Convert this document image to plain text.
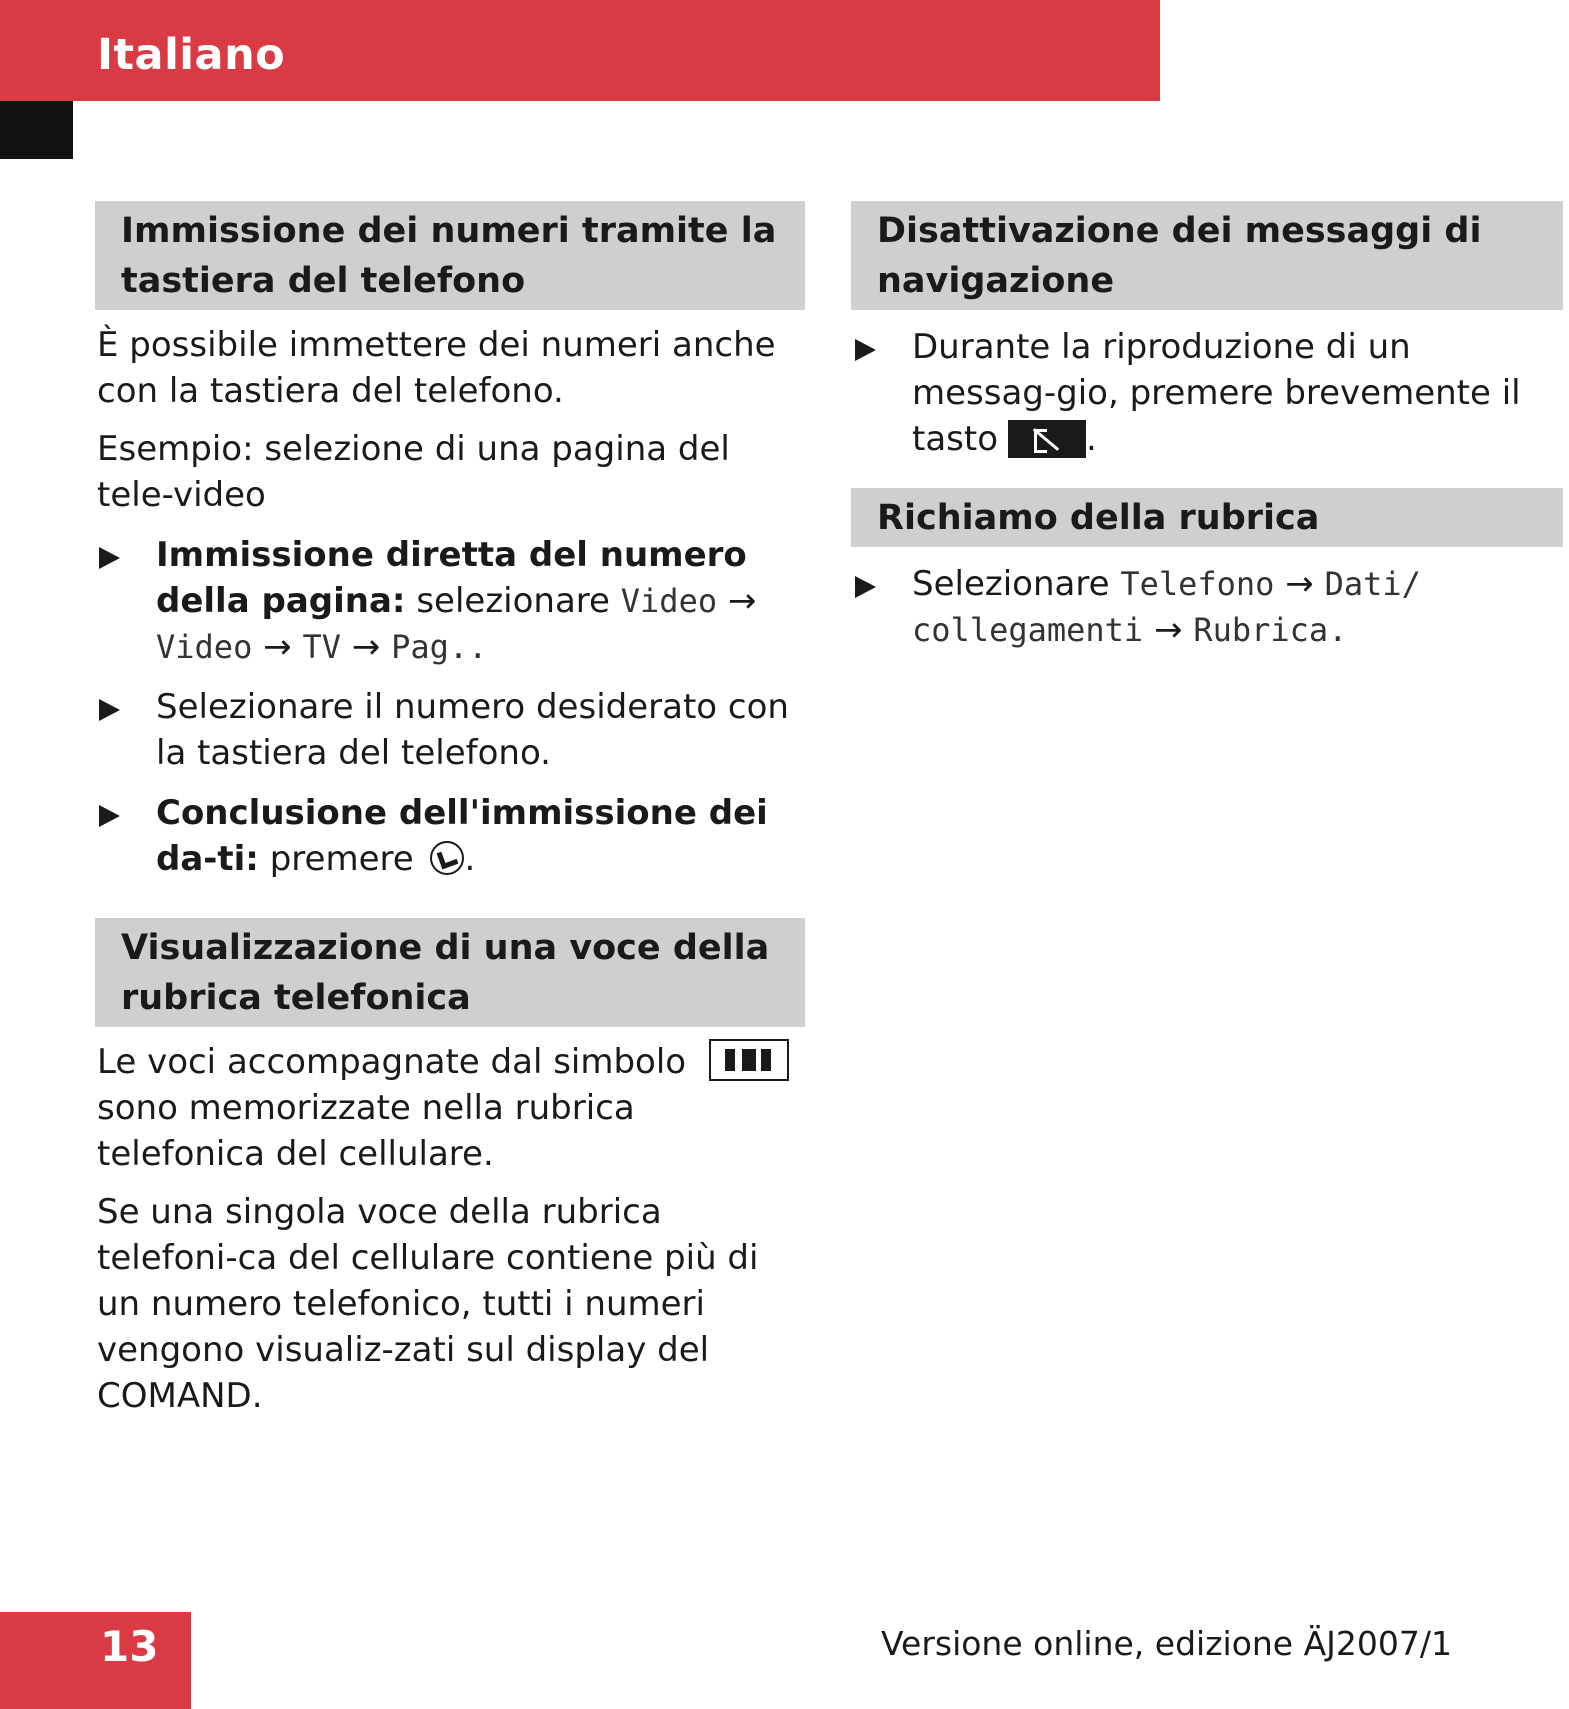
Italiano
Immissione dei numeri tramite la tastiera del telefono

È possibile immettere dei numeri anche con la tastiera del telefono.

Esempio: selezione di una pagina del tele-video

Immissione diretta del numero della pagina: selezionare Video → Video → TV → Pag..
Selezionare il numero desiderato con la tastiera del telefono.
Conclusione dell'immissione dei da-ti: premere .
Visualizzazione di una voce della rubrica telefonica

Le voci accompagnate dal simbolo
sono memorizzate nella rubrica telefonica del cellulare.

Se una singola voce della rubrica telefoni-ca del cellulare contiene più di un numero telefonico, tutti i numeri vengono visualiz-zati sul display del COMAND.

Disattivazione dei messaggi di navigazione
Durante la riproduzione di un messag-gio, premere brevemente il tasto	.
Richiamo della rubrica
Selezionare Telefono → Dati/ collegamenti → Rubrica.
13	Versione online, edizione ÄJ2007/1
